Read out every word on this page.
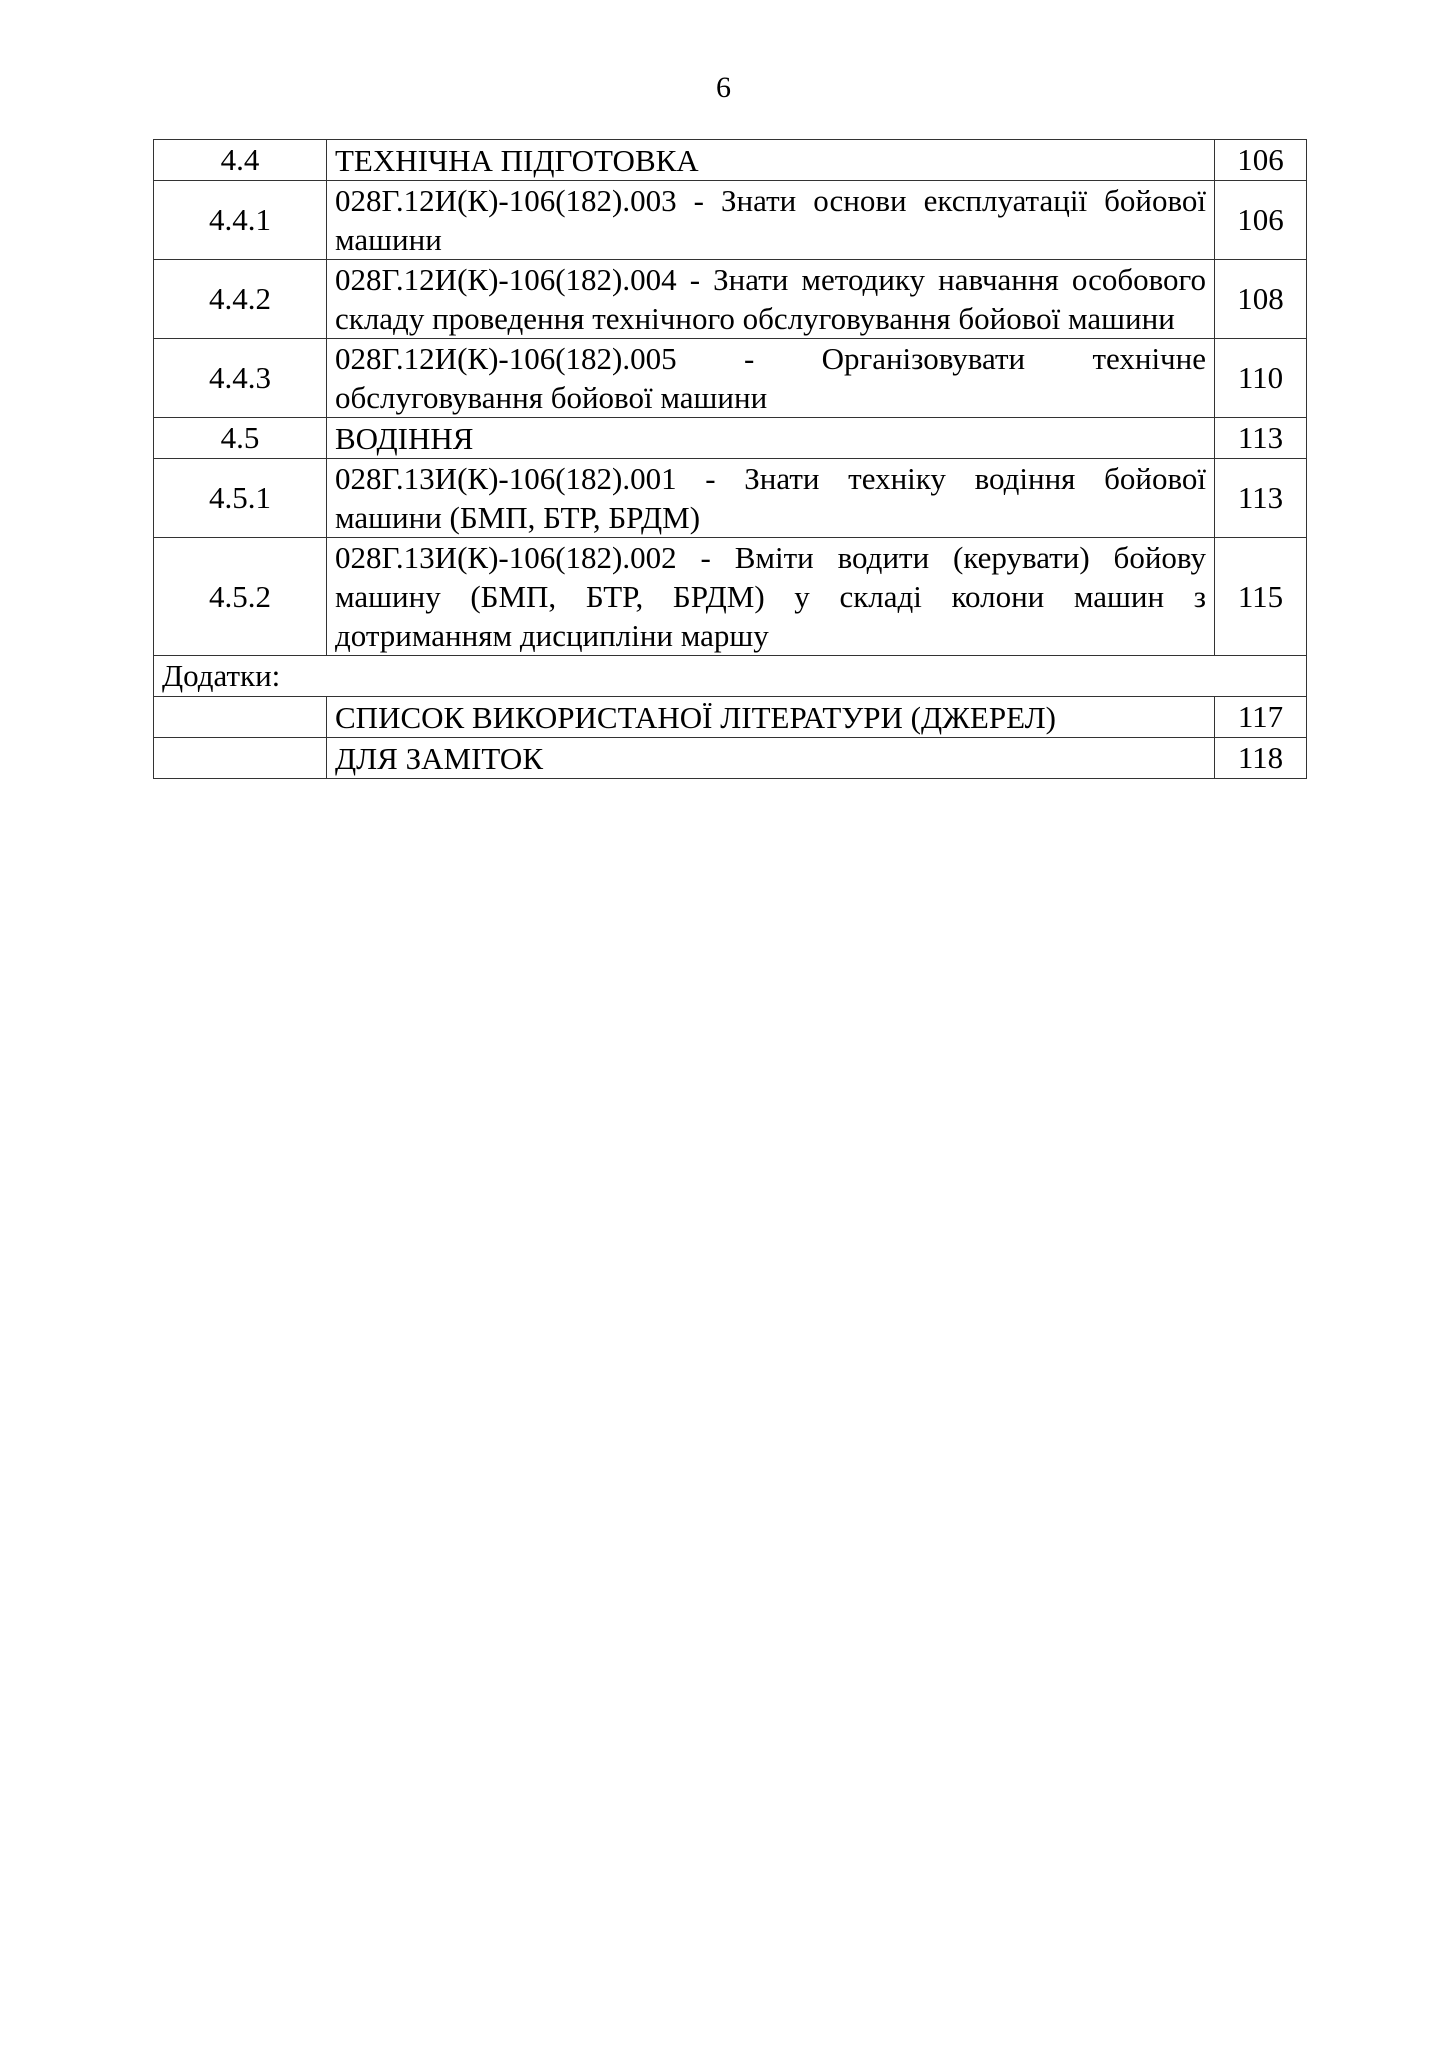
6
4.4	ТЕХНІЧНА ПІДГОТОВКА	106
4.4.1	028Г.12И(К)-106(182).003 - Знати основи експлуатації бойової машини	106
4.4.2	028Г.12И(К)-106(182).004 - Знати методику навчання особового складу проведення технічного обслуговування бойової машини	108
4.4.3	028Г.12И(К)-106(182).005 - Організовувати технічне обслуговування бойової машини	110
4.5	ВОДІННЯ	113
4.5.1	028Г.13И(К)-106(182).001 - Знати техніку водіння бойової машини (БМП, БТР, БРДМ)	113
4.5.2	028Г.13И(К)-106(182).002 - Вміти водити (керувати) бойову машину (БМП, БТР, БРДМ) у складі колони машин з дотриманням дисципліни маршу	115
Додатки:		
	СПИСОК ВИКОРИСТАНОЇ ЛІТЕРАТУРИ (ДЖЕРЕЛ)	117
	ДЛЯ ЗАМІТОК	118
